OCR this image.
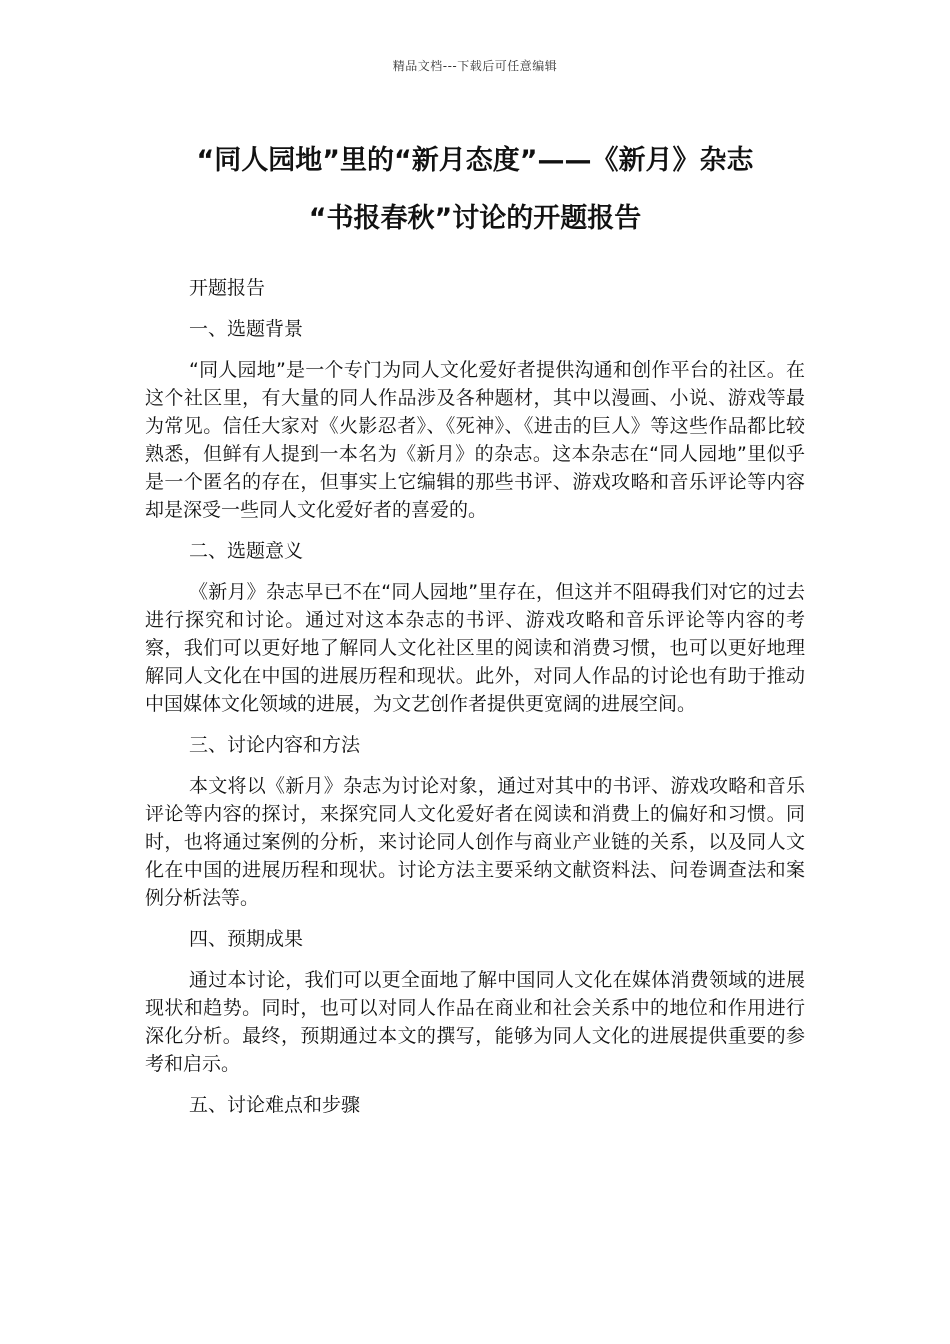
精品文档---下载后可任意编辑
“同人园地”里的“新月态度”——《新月》杂志
“书报春秋”讨论的开题报告
开题报告
一、选题背景
“同人园地”是一个专门为同人文化爱好者提供沟通和创作平台的社区。在这个社区里，有大量的同人作品涉及各种题材，其中以漫画、小说、游戏等最为常见。信任大家对《火影忍者》、《死神》、《进击的巨人》等这些作品都比较熟悉，但鲜有人提到一本名为《新月》的杂志。这本杂志在“同人园地”里似乎是一个匿名的存在，但事实上它编辑的那些书评、游戏攻略和音乐评论等内容却是深受一些同人文化爱好者的喜爱的。
二、选题意义
《新月》杂志早已不在“同人园地”里存在，但这并不阻碍我们对它的过去进行探究和讨论。通过对这本杂志的书评、游戏攻略和音乐评论等内容的考察，我们可以更好地了解同人文化社区里的阅读和消费习惯，也可以更好地理解同人文化在中国的进展历程和现状。此外，对同人作品的讨论也有助于推动中国媒体文化领域的进展，为文艺创作者提供更宽阔的进展空间。
三、讨论内容和方法
本文将以《新月》杂志为讨论对象，通过对其中的书评、游戏攻略和音乐评论等内容的探讨，来探究同人文化爱好者在阅读和消费上的偏好和习惯。同时，也将通过案例的分析，来讨论同人创作与商业产业链的关系，以及同人文化在中国的进展历程和现状。讨论方法主要采纳文献资料法、问卷调查法和案例分析法等。
四、预期成果
通过本讨论，我们可以更全面地了解中国同人文化在媒体消费领域的进展现状和趋势。同时，也可以对同人作品在商业和社会关系中的地位和作用进行深化分析。最终，预期通过本文的撰写，能够为同人文化的进展提供重要的参考和启示。
五、讨论难点和步骤
